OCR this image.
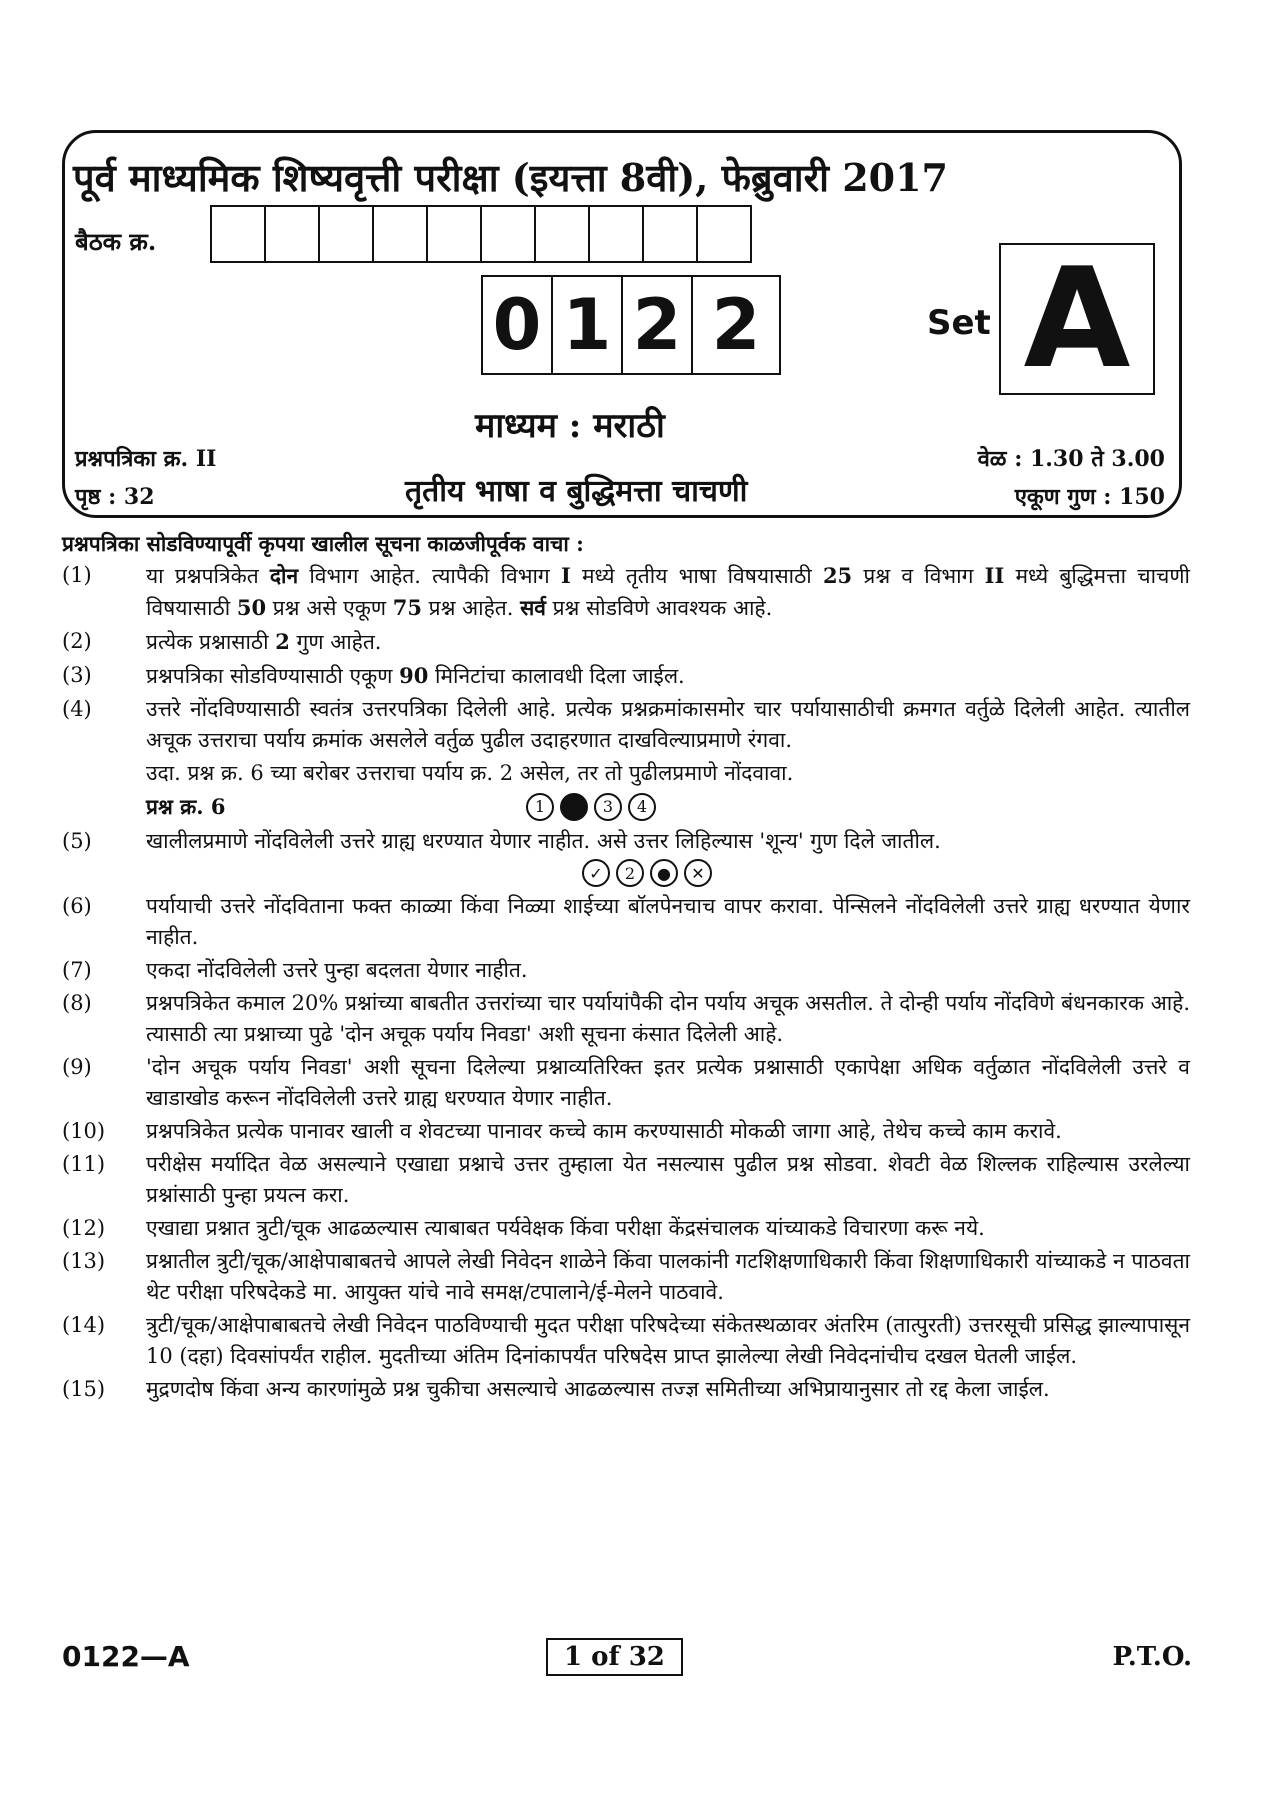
पूर्व माध्यमिक शिष्यवृत्ती परीक्षा (इयत्ता 8वी), फेब्रुवारी 2017
बैठक क्र.
0 1 2 2	Set A
माध्यम : मराठी
प्रश्नपत्रिका क्र. II
पृष्ठ : 32	तृतीय भाषा व बुद्धिमत्ता चाचणी
वेळ : 1.30 ते 3.00
एकूण गुण : 150
प्रश्नपत्रिका सोडविण्यापूर्वी कृपया खालील सूचना काळजीपूर्वक वाचा :
(1)	या प्रश्नपत्रिकेत दोन विभाग आहेत. त्यापैकी विभाग I मध्ये तृतीय भाषा विषयासाठी 25 प्रश्न व विभाग II मध्ये बुद्धिमत्ता चाचणी विषयासाठी 50 प्रश्न असे एकूण 75 प्रश्न आहेत. सर्व प्रश्न सोडविणे आवश्यक आहे.
(2)	प्रत्येक प्रश्नासाठी 2 गुण आहेत.
(3)	प्रश्नपत्रिका सोडविण्यासाठी एकूण 90 मिनिटांचा कालावधी दिला जाईल.
(4)	उत्तरे नोंदविण्यासाठी स्वतंत्र उत्तरपत्रिका दिलेली आहे. प्रत्येक प्रश्नक्रमांकासमोर चार पर्यायासाठीची क्रमगत वर्तुळे दिलेली आहेत. त्यातील अचूक उत्तराचा पर्याय क्रमांक असलेले वर्तुळ पुढील उदाहरणात दाखविल्याप्रमाणे रंगवा.
उदा. प्रश्न क्र. 6 च्या बरोबर उत्तराचा पर्याय क्र. 2 असेल, तर तो पुढीलप्रमाणे नोंदवावा.
प्रश्न क्र. 6	1	3	4
(5)	खालीलप्रमाणे नोंदविलेली उत्तरे ग्राह्य धरण्यात येणार नाहीत. असे उत्तर लिहिल्यास 'शून्य' गुण दिले जातील.
✓	2	●	✕
(6)	पर्यायाची उत्तरे नोंदविताना फक्त काळ्या किंवा निळ्या शाईच्या बॉलपेनचाच वापर करावा. पेन्सिलने नोंदविलेली उत्तरे ग्राह्य धरण्यात येणार नाहीत.
(7)	एकदा नोंदविलेली उत्तरे पुन्हा बदलता येणार नाहीत.
(8)	प्रश्नपत्रिकेत कमाल 20% प्रश्नांच्या बाबतीत उत्तरांच्या चार पर्यायांपैकी दोन पर्याय अचूक असतील. ते दोन्ही पर्याय नोंदविणे बंधनकारक आहे. त्यासाठी त्या प्रश्नाच्या पुढे 'दोन अचूक पर्याय निवडा' अशी सूचना कंसात दिलेली आहे.
(9)	'दोन अचूक पर्याय निवडा' अशी सूचना दिलेल्या प्रश्नाव्यतिरिक्त इतर प्रत्येक प्रश्नासाठी एकापेक्षा अधिक वर्तुळात नोंदविलेली उत्तरे व खाडाखोड करून नोंदविलेली उत्तरे ग्राह्य धरण्यात येणार नाहीत.
(10)	प्रश्नपत्रिकेत प्रत्येक पानावर खाली व शेवटच्या पानावर कच्चे काम करण्यासाठी मोकळी जागा आहे, तेथेच कच्चे काम करावे.
(11)	परीक्षेस मर्यादित वेळ असल्याने एखाद्या प्रश्नाचे उत्तर तुम्हाला येत नसल्यास पुढील प्रश्न सोडवा. शेवटी वेळ शिल्लक राहिल्यास उरलेल्या प्रश्नांसाठी पुन्हा प्रयत्न करा.
(12)	एखाद्या प्रश्नात त्रुटी/चूक आढळल्यास त्याबाबत पर्यवेक्षक किंवा परीक्षा केंद्रसंचालक यांच्याकडे विचारणा करू नये.
(13)	प्रश्नातील त्रुटी/चूक/आक्षेपाबाबतचे आपले लेखी निवेदन शाळेने किंवा पालकांनी गटशिक्षणाधिकारी किंवा शिक्षणाधिकारी यांच्याकडे न पाठवता थेट परीक्षा परिषदेकडे मा. आयुक्त यांचे नावे समक्ष/टपालाने/ई-मेलने पाठवावे.
(14)	त्रुटी/चूक/आक्षेपाबाबतचे लेखी निवेदन पाठविण्याची मुदत परीक्षा परिषदेच्या संकेतस्थळावर अंतरिम (तात्पुरती) उत्तरसूची प्रसिद्ध झाल्यापासून 10 (दहा) दिवसांपर्यंत राहील. मुदतीच्या अंतिम दिनांकापर्यंत परिषदेस प्राप्त झालेल्या लेखी निवेदनांचीच दखल घेतली जाईल.
(15)	मुद्रणदोष किंवा अन्य कारणांमुळे प्रश्न चुकीचा असल्याचे आढळल्यास तज्ज्ञ समितीच्या अभिप्रायानुसार तो रद्द केला जाईल.
0122—A	1 of 32	P.T.O.
